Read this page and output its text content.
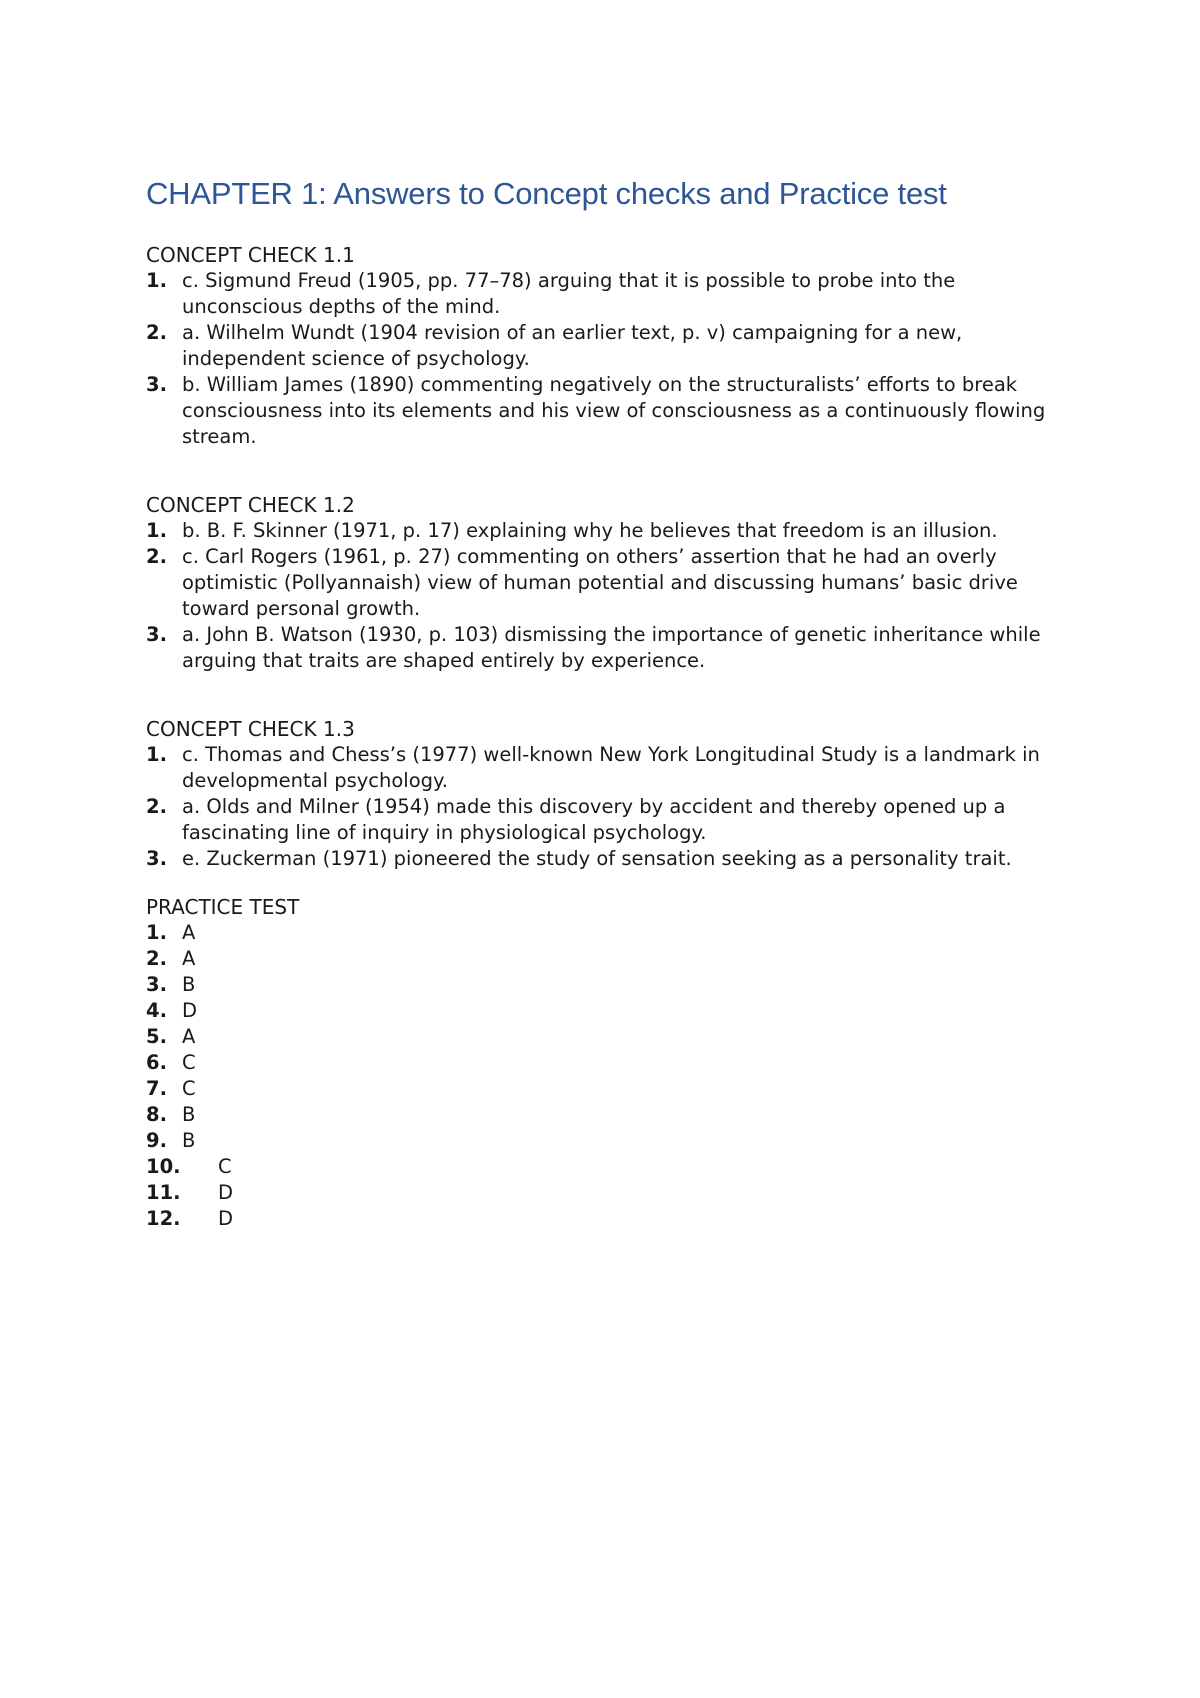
CHAPTER 1: Answers to Concept checks and Practice test
CONCEPT CHECK 1.1
1. c. Sigmund Freud (1905, pp. 77–78) arguing that it is possible to probe into the unconscious depths of the mind.
2. a. Wilhelm Wundt (1904 revision of an earlier text, p. v) campaigning for a new, independent science of psychology.
3. b. William James (1890) commenting negatively on the structuralists’ efforts to break consciousness into its elements and his view of consciousness as a continuously flowing stream.
CONCEPT CHECK 1.2
1. b. B. F. Skinner (1971, p. 17) explaining why he believes that freedom is an illusion.
2. c. Carl Rogers (1961, p. 27) commenting on others’ assertion that he had an overly optimistic (Pollyannaish) view of human potential and discussing humans’ basic drive toward personal growth.
3. a. John B. Watson (1930, p. 103) dismissing the importance of genetic inheritance while arguing that traits are shaped entirely by experience.
CONCEPT CHECK 1.3
1. c. Thomas and Chess’s (1977) well-known New York Longitudinal Study is a landmark in developmental psychology.
2. a. Olds and Milner (1954) made this discovery by accident and thereby opened up a fascinating line of inquiry in physiological psychology.
3. e. Zuckerman (1971) pioneered the study of sensation seeking as a personality trait.
PRACTICE TEST
1. A
2. A
3. B
4. D
5. A
6. C
7. C
8. B
9. B
10.	C
11.	D
12.	D
